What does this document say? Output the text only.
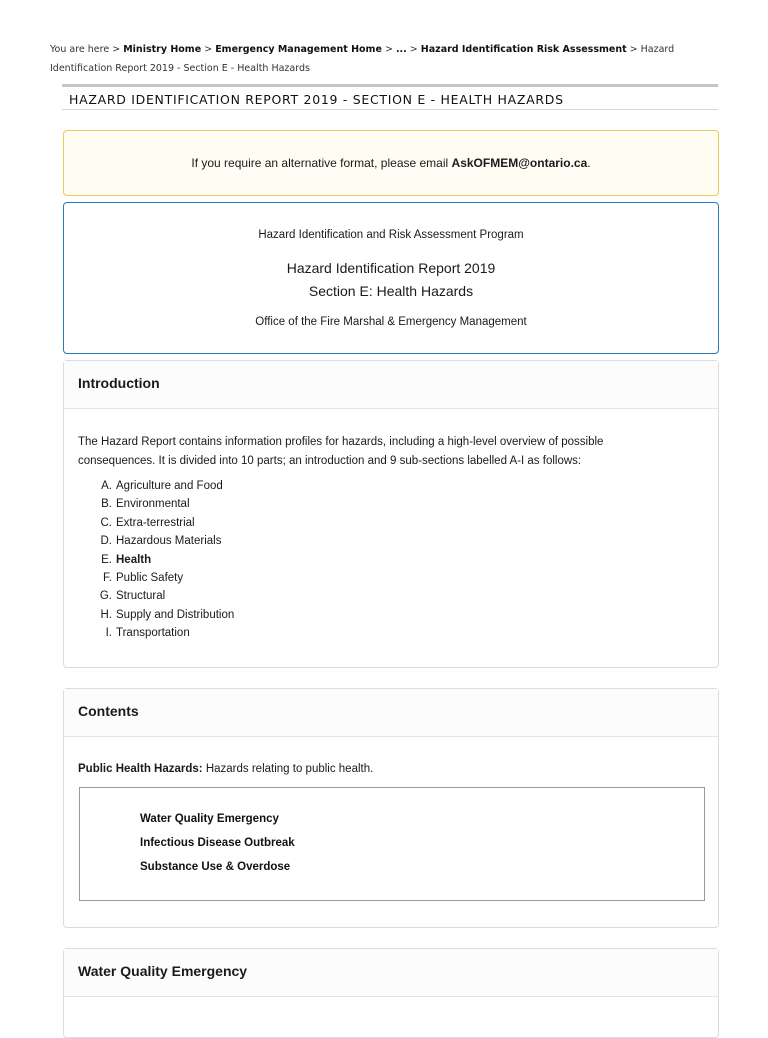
You are here > Ministry Home > Emergency Management Home > ... > Hazard Identification Risk Assessment > Hazard
Identification Report 2019 - Section E - Health Hazards
HAZARD IDENTIFICATION REPORT 2019 - SECTION E - HEALTH HAZARDS
If you require an alternative format, please email AskOFMEM@ontario.ca.
Hazard Identification and Risk Assessment Program
Hazard Identification Report 2019
Section E: Health Hazards
Office of the Fire Marshal & Emergency Management
Introduction
The Hazard Report contains information profiles for hazards, including a high-level overview of possible
consequences. It is divided into 10 parts; an introduction and 9 sub-sections labelled A-I as follows:
A. Agriculture and Food
B. Environmental
C. Extra-terrestrial
D. Hazardous Materials
E. Health
F. Public Safety
G. Structural
H. Supply and Distribution
I. Transportation
Contents
Public Health Hazards: Hazards relating to public health.
Water Quality Emergency
Infectious Disease Outbreak
Substance Use & Overdose
Water Quality Emergency
